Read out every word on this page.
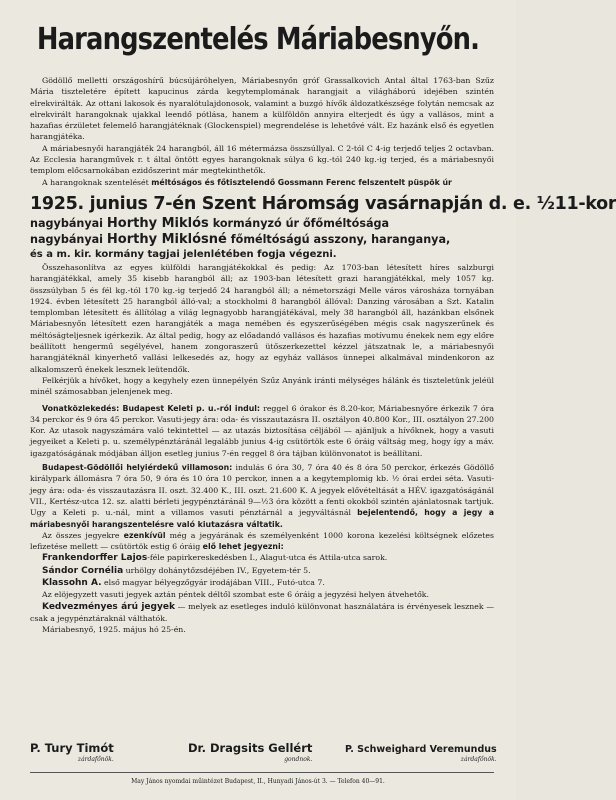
Harangszentelés Máriabesnyőn.

Gödöllő melletti országoshírű búcsújáróhelyen, Máriabesnyőn gróf Grassalkovich Antal által 1763-ban Szűz Mária tiszteletére épített kapucinus zárda kegytemplomának harangjait a világháború idejében szintén elrekvirálták. Az ottani lakosok és nyaralótulajdonosok, valamint a buzgó hívők áldozatkészsége folytán nemcsak az elrekvirált harangoknak ujakkal leendő pótlása, hanem a külföldön annyira elterjedt és úgy a vallásos, mint a hazafias érzületet felemelő harangjátéknak (Glockenspiel) megrendelése is lehetővé vált. Ez hazánk első és egyetlen harangjátéka.

A máriabesnyői harangjáték 24 harangból, áll 16 métermázsa összsúllyal. C 2-tól C 4-ig terjedő teljes 2 octavban. Az Ecclesia harangművek r. t által öntött egyes harangoknak súlya 6 kg.-tól 240 kg.-ig terjed, és a máriabesnyői templom előcsarnokában ezidőszerint már megtekinthetők.

A harangoknak szentelését méltóságos és főtisztelendő Gossmann Ferenc felszentelt püspök úr

1925. junius 7-én Szent Háromság vasárnapján d. e. ½11-kor
nagybányai Horthy Miklós kormányzó úr őfőméltósága
nagybányai Horthy Miklósné főméltóságú asszony, haranganya,
és a m. kir. kormány tagjai jelenlétében fogja végezni.

Összehasonlítva az egyes külföldi harangjátékokkal és pedig: Az 1703-ban létesített híres salzburgi harangjátékkal, amely 35 kisebb harangból áll; az 1903-ban létesített grazi harangjátékkal, mely 1057 kg. összsúlyban 5 és fél kg.-tól 170 kg.-ig terjedő 24 harangból áll; a németországi Melle város városháza tornyában 1924. évben létesített 25 harangból álló-val; a stockholmi 8 harangból állóval: Danzing városában a Szt. Katalin templomban létesített és állítólag a világ legnagyobb harangjátékával, mely 38 harangból áll, hazánkban elsőnek Máriabesnyőn létesített ezen harangjáték a maga nemében és egyszerűségében mégis csak nagyszerűnek és méltóságteljesnek igérkezik. Az által pedig, hogy az előadandó vallásos és hazafias motívumu énekek nem egy előre beállított hengermű segélyével, hanem zongoraszerű ütőszerkezettel kézzel játszatnak le, a máriabesnyői harangjátéknál kinyerhető vallási lelkesedés az, hogy az egyház vallásos ünnepei alkalmával mindenkoron az alkalomszerű énekek lesznek leütendők.

Felkérjük a hívőket, hogy a kegyhely ezen ünnepélyén Szűz Anyánk iránti mélységes hálánk és tiszteletünk jeléül minél számosabban jelenjenek meg.

Vonatközlekedés: Budapest Keleti p. u.-ról indul: reggel 6 órakor és 8.20-kor, Máriabesnyőre érkezik 7 óra 34 perckor és 9 óra 45 perckor. Vasuti-jegy ára: oda- és visszautazásra II. osztályon 40.800 Kor., III. osztályon 27.200 Kor. Az utasok nagyszámára való tekintettel — az utazás biztosítása céljából — ajánljuk a hívőknek, hogy a vasuti jegyeiket a Keleti p. u. személypénztáránál legalább junius 4-ig csütörtök este 6 óráig váltság meg, hogy így a máv. igazgatóságának módjában álljon esetleg junius 7-én reggel 8 óra tájban különvonatot is beállítani.

Budapest-Gödöllői helyiérdekű villamoson: indulás 6 óra 30, 7 óra 40 és 8 óra 50 perckor, érkezés Gödöllő királypark állomásra 7 óra 50, 9 óra és 10 óra 10 perckor, innen a a kegytemplomig kb. ½ órai erdei séta. Vasuti-jegy ára: oda- és visszautazásra II. oszt. 32.400 K., III. oszt. 21.600 K. A jegyek elővételtását a HÉV. igazgatóságánál VII., Kertész-utca 12. sz. alatti bérleti jegypénztáránál 9—½3 óra között a fenti okokból szintén ajánlatosnak tartjuk. Ugy a Keleti p. u.-nál, mint a villamos vasuti pénztárnál a jegyváltásnál bejelentendő, hogy a jegy a máriabesnyői harangszentelésre való kiutazásra váltatik.

Az összes jegyekre ezenkívül még a jegyárának és személyenként 1000 korona kezelési költségnek előzetes lefizetése mellett — csütörtök estig 6 óráig elő lehet jegyezni:

Frankendorffer Lajos-féle papirkereskedésben I., Alagut-utca és Attila-utca sarok.

Sándor Cornélia urhölgy dohánytőzsdéjében IV., Egyetem-tér 5.

Klassohn A. első magyar bélyegzőgyár irodájában VIII., Futó-utca 7.

Az elöjegyzett vasuti jegyek aztán péntek déltől szombat este 6 óráig a jegyzési helyen átvehetők.

Kedvezményes árú jegyek — melyek az esetleges induló különvonat használatára is érvényesek lesznek — csak a jegypénztáraknál válthatók.

Máriabesnyő, 1925. május hó 25-én.

P. Tury Timót
zárdafőnök.
Dr. Dragsits Gellért
gondnok.
P. Schweighard Veremundus
zárdafőnök.
May János nyomdai műintézet Budapest, II., Hunyadi János-út 3. — Telefon 40—91.
